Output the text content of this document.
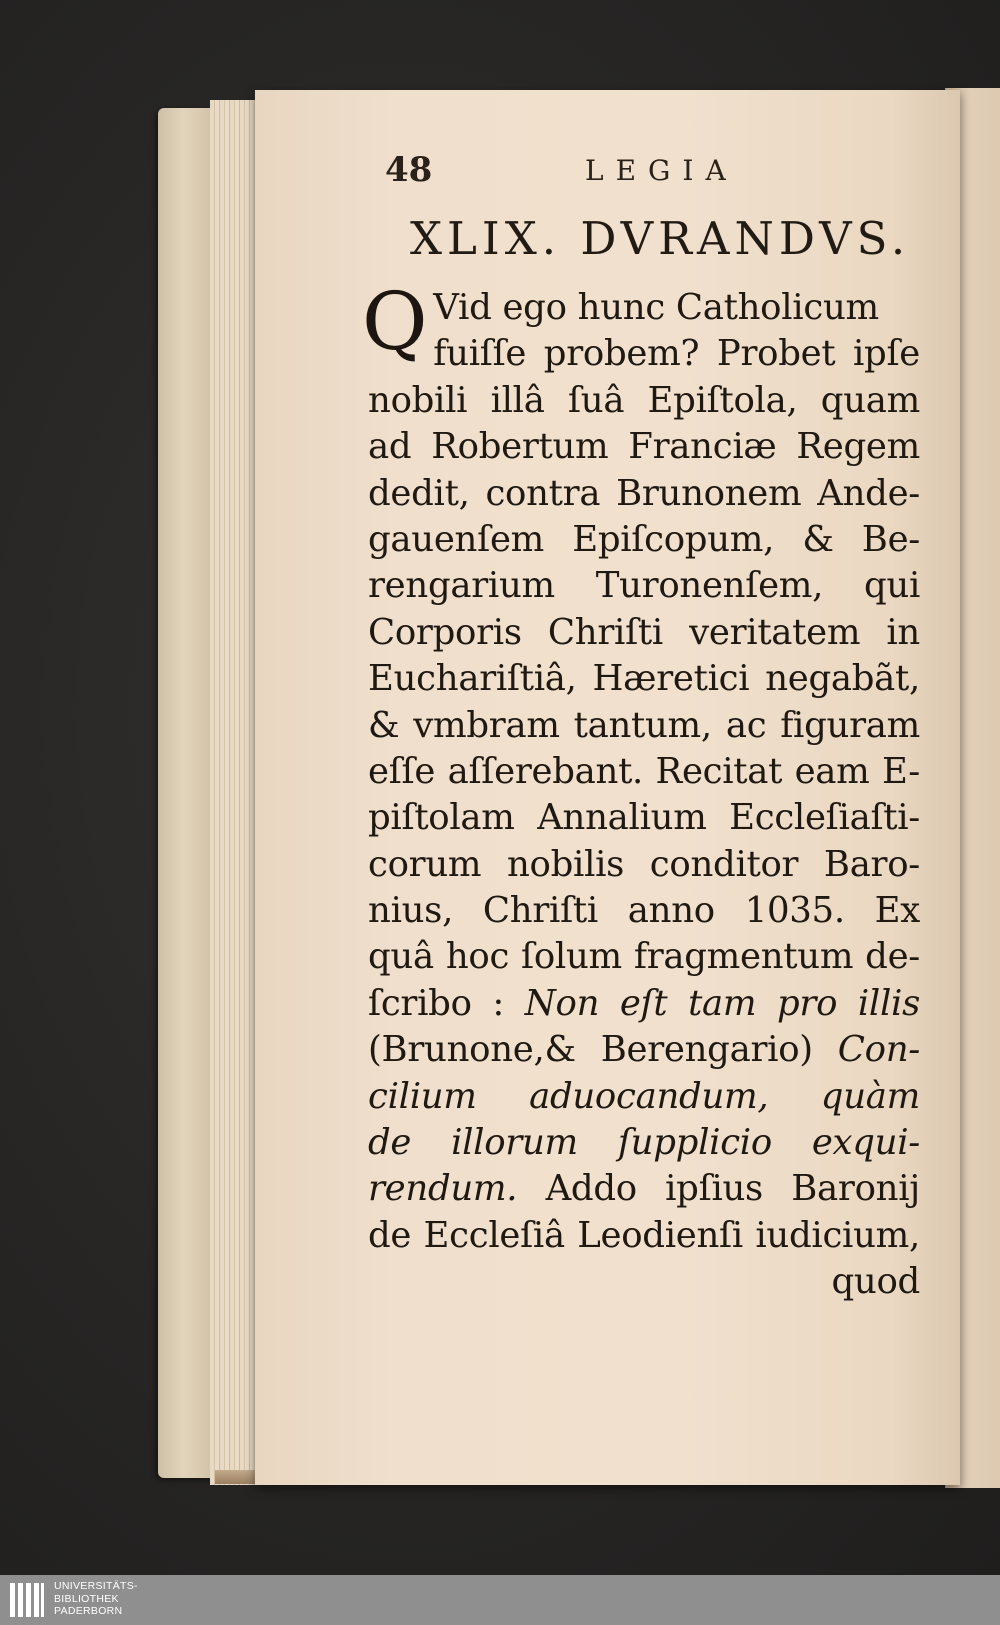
48	LEGIA
XLIX. DVRANDVS.
Q Vid ego hunc Catholicum
fuiſſe probem? Probet ipſe
nobili illâ ſuâ Epiſtola, quam
ad Robertum Franciæ Regem
dedit, contra Brunonem Ande-
gauenſem Epiſcopum, & Be-
rengarium Turonenſem, qui
Corporis Chriſti veritatem in
Euchariſtiâ, Hæretici negabãt,
& vmbram tantum, ac figuram
eſſe aſſerebant. Recitat eam E-
piſtolam Annalium Eccleſiaſti-
corum nobilis conditor Baro-
nius, Chriſti anno 1035. Ex
quâ hoc ſolum fragmentum de-
ſcribo : Non eſt tam pro illis
(Brunone,& Berengario) Con-
cilium aduocandum, quàm
de illorum ſupplicio exqui-
rendum. Addo ipſius Baronij
de Eccleſiâ Leodienſi iudicium,
quod
UNIVERSITÄTS-
BIBLIOTHEK
PADERBORN
